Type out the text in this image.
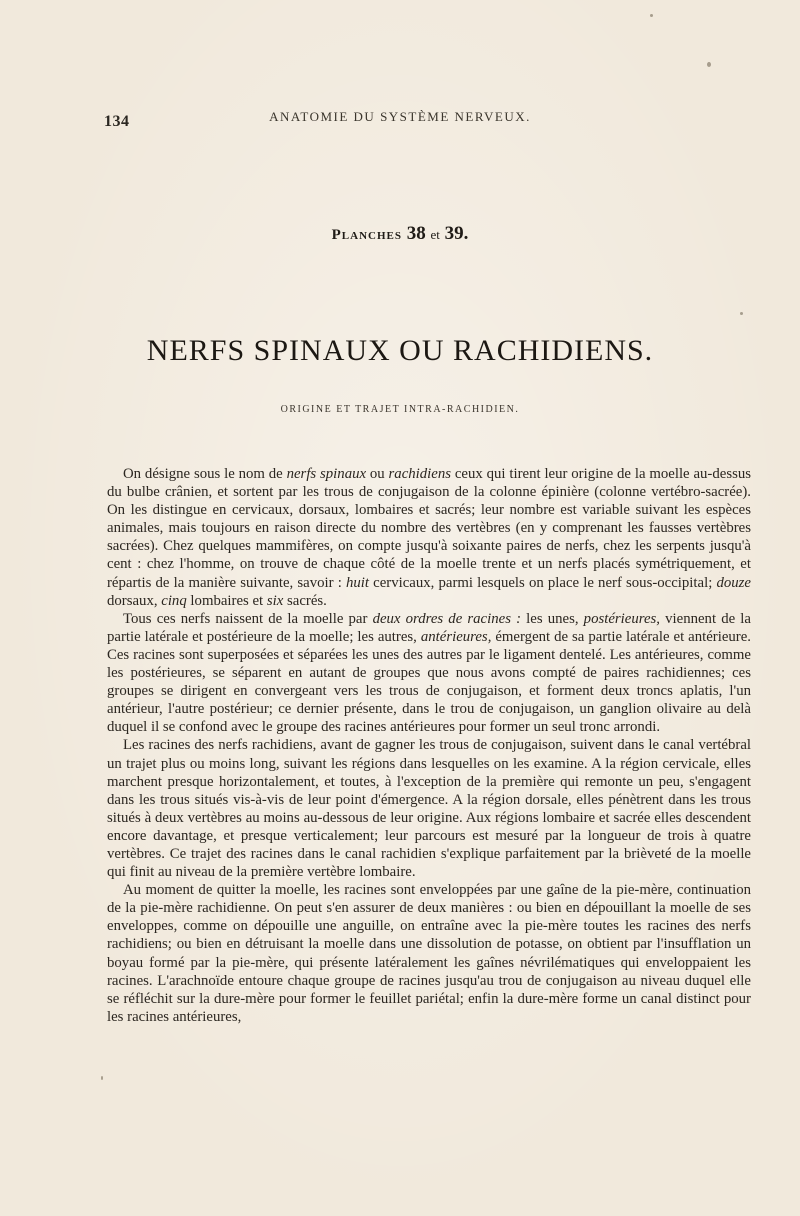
134	ANATOMIE DU SYSTÈME NERVEUX.
Planches 38 et 39.
NERFS SPINAUX OU RACHIDIENS.
ORIGINE ET TRAJET INTRA-RACHIDIEN.

On désigne sous le nom de nerfs spinaux ou rachidiens ceux qui tirent leur origine de la moelle au-dessus du bulbe crânien, et sortent par les trous de conjugaison de la colonne épinière (colonne vertébro-sacrée). On les distingue en cervicaux, dorsaux, lombaires et sacrés; leur nombre est variable suivant les espèces animales, mais toujours en raison directe du nombre des vertèbres (en y comprenant les fausses vertèbres sacrées). Chez quelques mammifères, on compte jusqu'à soixante paires de nerfs, chez les serpents jusqu'à cent : chez l'homme, on trouve de chaque côté de la moelle trente et un nerfs placés symétriquement, et répartis de la manière suivante, savoir : huit cervicaux, parmi lesquels on place le nerf sous-occipital; douze dorsaux, cinq lombaires et six sacrés.

Tous ces nerfs naissent de la moelle par deux ordres de racines : les unes, postérieures, viennent de la partie latérale et postérieure de la moelle; les autres, antérieures, émergent de sa partie latérale et antérieure. Ces racines sont superposées et séparées les unes des autres par le ligament dentelé. Les antérieures, comme les postérieures, se séparent en autant de groupes que nous avons compté de paires rachidiennes; ces groupes se dirigent en convergeant vers les trous de conjugaison, et forment deux troncs aplatis, l'un antérieur, l'autre postérieur; ce dernier présente, dans le trou de conjugaison, un ganglion olivaire au delà duquel il se confond avec le groupe des racines antérieures pour former un seul tronc arrondi.

Les racines des nerfs rachidiens, avant de gagner les trous de conjugaison, suivent dans le canal vertébral un trajet plus ou moins long, suivant les régions dans lesquelles on les examine. A la région cervicale, elles marchent presque horizontalement, et toutes, à l'exception de la première qui remonte un peu, s'engagent dans les trous situés vis-à-vis de leur point d'émergence. A la région dorsale, elles pénètrent dans les trous situés à deux vertèbres au moins au-dessous de leur origine. Aux régions lombaire et sacrée elles descendent encore davantage, et presque verticalement; leur parcours est mesuré par la longueur de trois à quatre vertèbres. Ce trajet des racines dans le canal rachidien s'explique parfaitement par la brièveté de la moelle qui finit au niveau de la première vertèbre lombaire.

Au moment de quitter la moelle, les racines sont enveloppées par une gaîne de la pie-mère, continuation de la pie-mère rachidienne. On peut s'en assurer de deux manières : ou bien en dépouillant la moelle de ses enveloppes, comme on dépouille une anguille, on entraîne avec la pie-mère toutes les racines des nerfs rachidiens; ou bien en détruisant la moelle dans une dissolution de potasse, on obtient par l'insufflation un boyau formé par la pie-mère, qui présente latéralement les gaînes névrilématiques qui enveloppaient les racines. L'arachnoïde entoure chaque groupe de racines jusqu'au trou de conjugaison au niveau duquel elle se réfléchit sur la dure-mère pour former le feuillet pariétal; enfin la dure-mère forme un canal distinct pour les racines antérieures,
